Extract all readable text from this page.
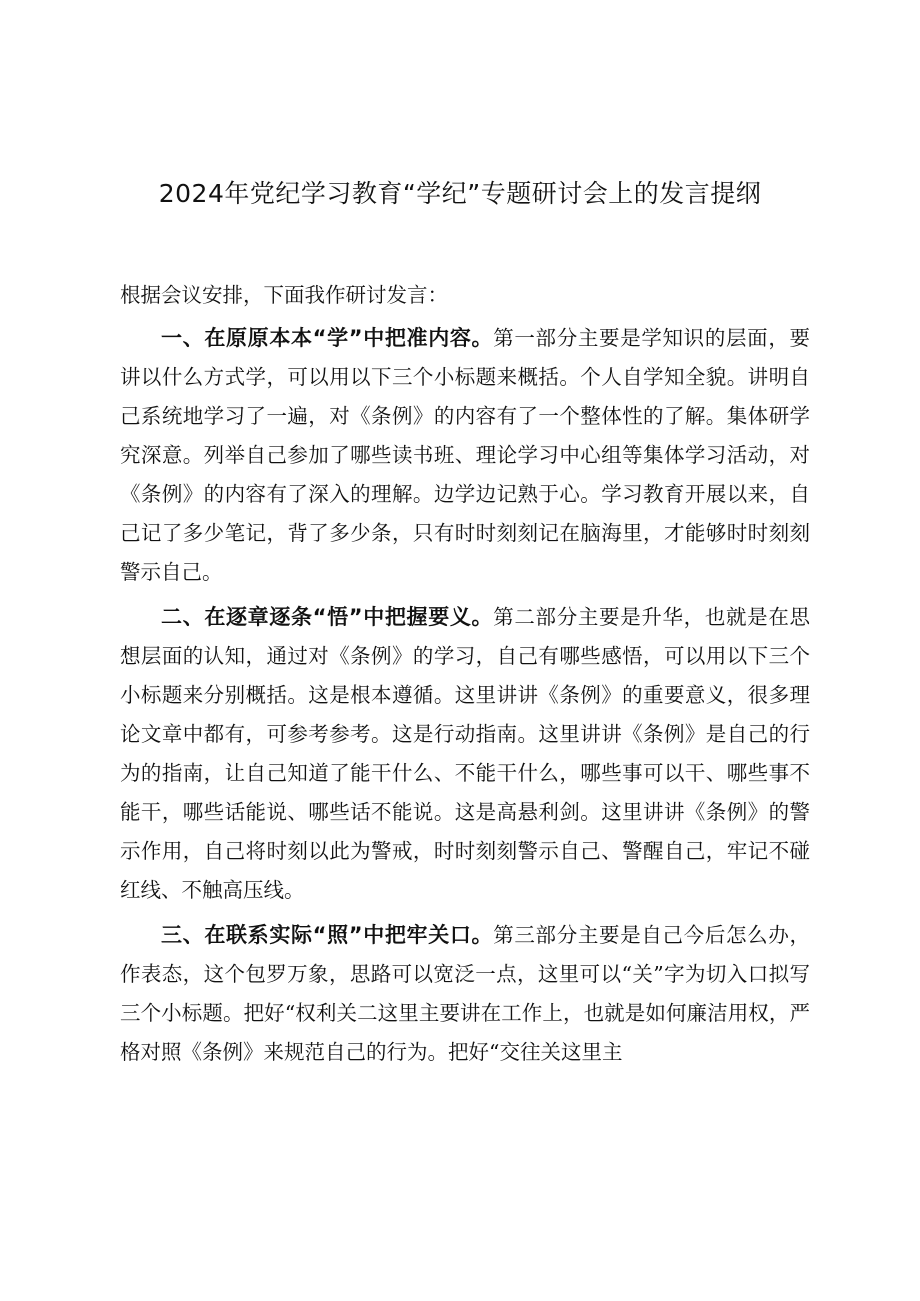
2024年党纪学习教育“学纪”专题研讨会上的发言提纲

根据会议安排，下面我作研讨发言：

一、在原原本本“学”中把准内容。第一部分主要是学知识的层面，要讲以什么方式学，可以用以下三个小标题来概括。个人自学知全貌。讲明自己系统地学习了一遍，对《条例》的内容有了一个整体性的了解。集体研学究深意。列举自己参加了哪些读书班、理论学习中心组等集体学习活动，对《条例》的内容有了深入的理解。边学边记熟于心。学习教育开展以来，自己记了多少笔记，背了多少条，只有时时刻刻记在脑海里，才能够时时刻刻警示自己。

二、在逐章逐条“悟”中把握要义。第二部分主要是升华，也就是在思想层面的认知，通过对《条例》的学习，自己有哪些感悟，可以用以下三个小标题来分别概括。这是根本遵循。这里讲讲《条例》的重要意义，很多理论文章中都有，可参考参考。这是行动指南。这里讲讲《条例》是自己的行为的指南，让自己知道了能干什么、不能干什么，哪些事可以干、哪些事不能干，哪些话能说、哪些话不能说。这是高悬利剑。这里讲讲《条例》的警示作用，自己将时刻以此为警戒，时时刻刻警示自己、警醒自己，牢记不碰红线、不触高压线。

三、在联系实际“照”中把牢关口。第三部分主要是自己今后怎么办，作表态，这个包罗万象，思路可以宽泛一点，这里可以“关”字为切入口拟写三个小标题。把好“权利关二这里主要讲在工作上，也就是如何廉洁用权，严格对照《条例》来规范自己的行为。把好“交往关这里主
